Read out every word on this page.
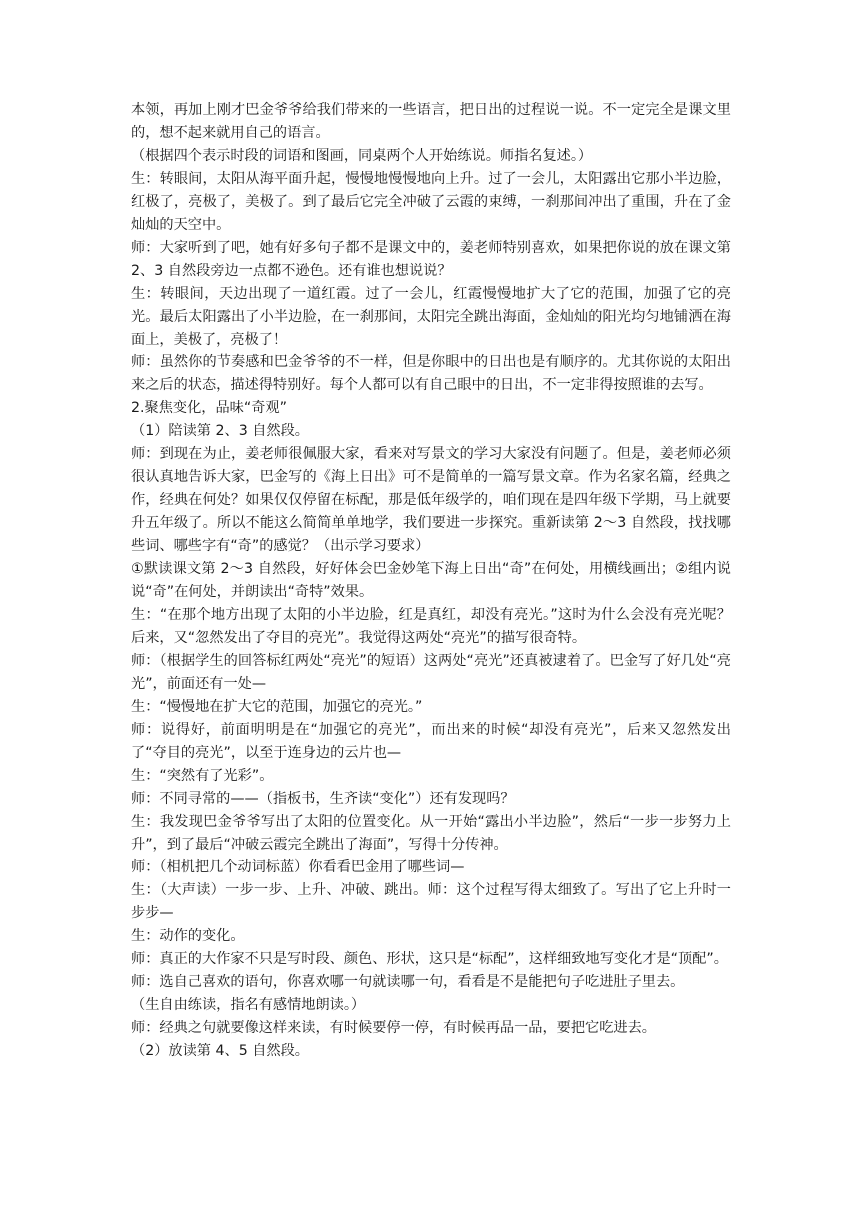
本领，再加上刚才巴金爷爷给我们带来的一些语言，把日出的过程说一说。不一定完全是课文里的，想不起来就用自己的语言。

（根据四个表示时段的词语和图画，同桌两个人开始练说。师指名复述。）

生：转眼间，太阳从海平面升起，慢慢地慢慢地向上升。过了一会儿，太阳露出它那小半边脸，红极了，亮极了，美极了。到了最后它完全冲破了云霞的束缚，一刹那间冲出了重围，升在了金灿灿的天空中。

师：大家听到了吧，她有好多句子都不是课文中的，姜老师特别喜欢，如果把你说的放在课文第 2、3 自然段旁边一点都不逊色。还有谁也想说说？

生：转眼间，天边出现了一道红霞。过了一会儿，红霞慢慢地扩大了它的范围，加强了它的亮光。最后太阳露出了小半边脸，在一刹那间，太阳完全跳出海面，金灿灿的阳光均匀地铺洒在海面上，美极了，亮极了！

师：虽然你的节奏感和巴金爷爷的不一样，但是你眼中的日出也是有顺序的。尤其你说的太阳出来之后的状态，描述得特别好。每个人都可以有自己眼中的日出，不一定非得按照谁的去写。

2.聚焦变化，品味“奇观”

（1）陪读第 2、3 自然段。

师：到现在为止，姜老师很佩服大家，看来对写景文的学习大家没有问题了。但是，姜老师必须很认真地告诉大家，巴金写的《海上日出》可不是简单的一篇写景文章。作为名家名篇，经典之作，经典在何处？如果仅仅停留在标配，那是低年级学的，咱们现在是四年级下学期，马上就要升五年级了。所以不能这么简简单单地学，我们要进一步探究。重新读第 2～3 自然段，找找哪些词、哪些字有“奇”的感觉？（出示学习要求）

①默读课文第 2～3 自然段，好好体会巴金妙笔下海上日出“奇”在何处，用横线画出；②组内说说“奇”在何处，并朗读出“奇特”效果。

生：“在那个地方出现了太阳的小半边脸，红是真红，却没有亮光。”这时为什么会没有亮光呢？后来，又“忽然发出了夺目的亮光”。我觉得这两处“亮光”的描写很奇特。

师：（根据学生的回答标红两处“亮光”的短语）这两处“亮光”还真被逮着了。巴金写了好几处“亮光”，前面还有一处—

生：“慢慢地在扩大它的范围，加强它的亮光。”

师：说得好，前面明明是在“加强它的亮光”，而出来的时候“却没有亮光”，后来又忽然发出了“夺目的亮光”，以至于连身边的云片也—

生：“突然有了光彩”。

师：不同寻常的——（指板书，生齐读“变化”）还有发现吗？

生：我发现巴金爷爷写出了太阳的位置变化。从一开始“露出小半边脸”，然后“一步一步努力上升”，到了最后“冲破云霞完全跳出了海面”，写得十分传神。

师：（相机把几个动词标蓝）你看看巴金用了哪些词—

生：（大声读）一步一步、上升、冲破、跳出。师：这个过程写得太细致了。写出了它上升时一步步—

生：动作的变化。

师：真正的大作家不只是写时段、颜色、形状，这只是“标配”，这样细致地写变化才是“顶配”。

师：选自己喜欢的语句，你喜欢哪一句就读哪一句，看看是不是能把句子吃进肚子里去。

（生自由练读，指名有感情地朗读。）

师：经典之句就要像这样来读，有时候要停一停，有时候再品一品，要把它吃进去。

（2）放读第 4、5 自然段。
